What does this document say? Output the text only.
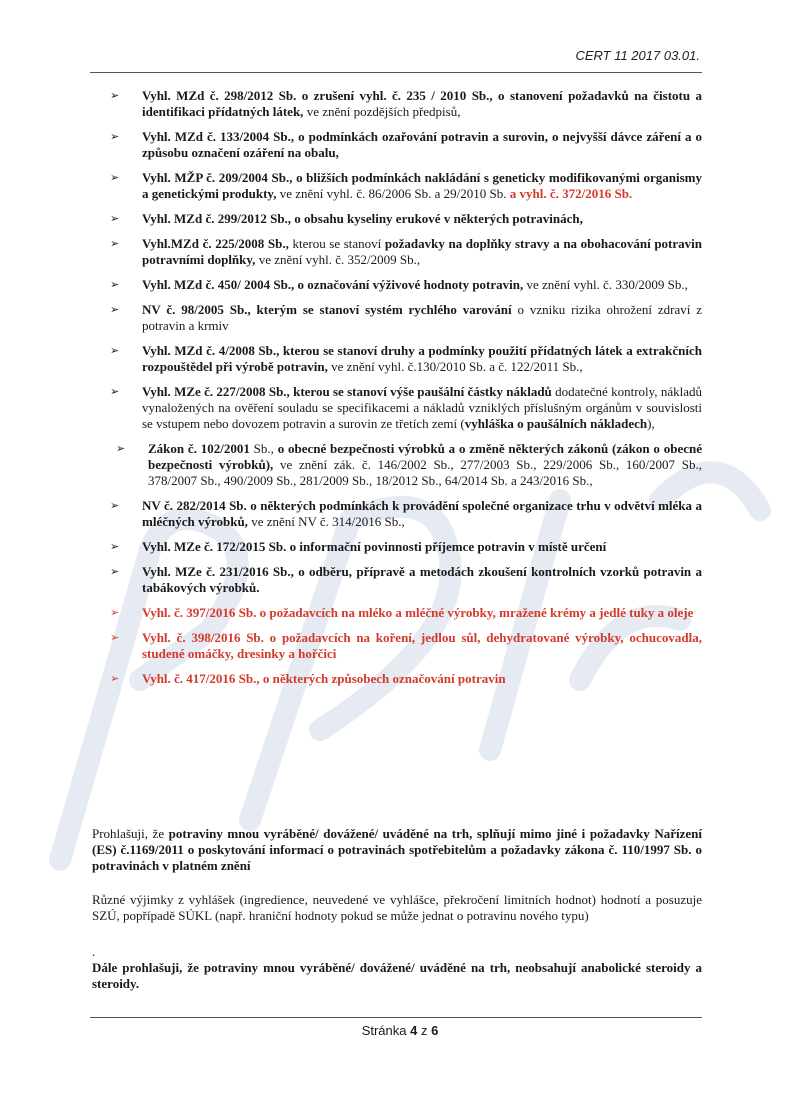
CERT 11 2017 03.01.
➢ Vyhl. MZd č. 298/2012 Sb. o zrušení vyhl. č. 235 / 2010 Sb., o stanovení požadavků na čistotu a identifikaci přídatných látek, ve znění pozdějších předpisů,
➢ Vyhl. MZd č. 133/2004 Sb., o podmínkách ozařování potravin a surovin, o nejvyšší dávce záření a o způsobu označení ozáření na obalu,
➢ Vyhl. MŽP č. 209/2004 Sb., o bližších podmínkách nakládání s geneticky modifikovanými organismy a genetickými produkty, ve znění vyhl. č. 86/2006 Sb. a 29/2010 Sb. a vyhl. č. 372/2016 Sb.
➢ Vyhl. MZd č. 299/2012 Sb., o obsahu kyseliny erukové v některých potravinách,
➢ Vyhl.MZd č. 225/2008 Sb., kterou se stanoví požadavky na doplňky stravy a na obohacování potravin potravními doplňky, ve znění vyhl. č. 352/2009 Sb.,
➢ Vyhl. MZd č. 450/ 2004 Sb., o označování výživové hodnoty potravin, ve znění vyhl. č. 330/2009 Sb.,
➢ NV č. 98/2005 Sb., kterým se stanoví systém rychlého varování o vzniku rizika ohrožení zdraví z potravin a krmiv
➢ Vyhl. MZd č. 4/2008 Sb., kterou se stanoví druhy a podmínky použití přídatných látek a extrakčních rozpouštědel při výrobě potravin, ve znění vyhl. č.130/2010 Sb. a č. 122/2011 Sb.,
➢ Vyhl. MZe č. 227/2008 Sb., kterou se stanoví výše paušální částky nákladů dodatečné kontroly, nákladů vynaložených na ověření souladu se specifikacemi a nákladů vzniklých příslušným orgánům v souvislosti se vstupem nebo dovozem potravin a surovin ze třetích zemí (vyhláška o paušálních nákladech),
➢ Zákon č. 102/2001 Sb., o obecné bezpečnosti výrobků a o změně některých zákonů (zákon o obecné bezpečnosti výrobků), ve znění zák. č. 146/2002 Sb., 277/2003 Sb., 229/2006 Sb., 160/2007 Sb., 378/2007 Sb., 490/2009 Sb., 281/2009 Sb., 18/2012 Sb., 64/2014 Sb. a 243/2016 Sb.,
➢ NV č. 282/2014 Sb. o některých podmínkách k provádění společné organizace trhu v odvětví mléka a mléčných výrobků, ve znění NV č. 314/2016 Sb.,
➢ Vyhl. MZe č. 172/2015 Sb. o informační povinnosti příjemce potravin v místě určení
➢ Vyhl. MZe č. 231/2016 Sb., o odběru, přípravě a metodách zkoušení kontrolních vzorků potravin a tabákových výrobků.
➢ Vyhl. č. 397/2016 Sb. o požadavcích na mléko a mléčné výrobky, mražené krémy a jedlé tuky a oleje
➢ Vyhl. č. 398/2016 Sb. o požadavcích na koření, jedlou sůl, dehydratované výrobky, ochucovadla, studené omáčky, dresinky a hořčici
➢ Vyhl. č. 417/2016 Sb., o některých způsobech označování potravin
Prohlašuji, že potraviny mnou vyráběné/ dovážené/ uváděné na trh, splňují mimo jiné i požadavky Nařízení (ES) č.1169/2011 o poskytování informací o potravinách spotřebitelům a požadavky zákona č. 110/1997 Sb. o potravinách v platném znění
Různé výjimky z vyhlášek (ingredience, neuvedené ve vyhlášce, překročení limitních hodnot) hodnotí a posuzuje SZÚ, popřípadě SÚKL (např. hraniční hodnoty pokud se může jednat o potravinu nového typu)
.
Dále prohlašuji, že potraviny mnou vyráběné/ dovážené/ uváděné na trh, neobsahují anabolické steroidy a steroidy.
Stránka 4 z 6
